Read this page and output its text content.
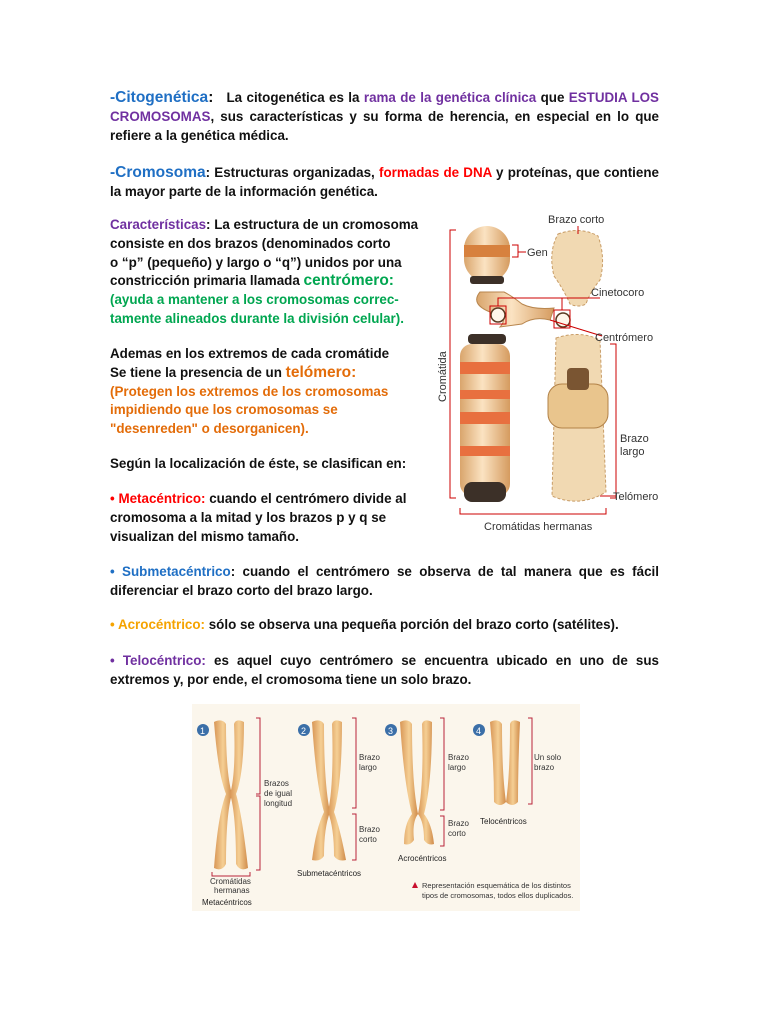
-Citogenética: La citogenética es la rama de la genética clínica que ESTUDIA LOS CROMOSOMAS, sus características y su forma de herencia, en especial en lo que refiere a la genética médica.

-Cromosoma: Estructuras organizadas, formadas de DNA y proteínas, que contiene la mayor parte de la información genética.

Características: La estructura de un cromosoma
consiste en dos brazos (denominados corto
o “p” (pequeño) y largo o “q”) unidos por una
constricción primaria llamada centrómero:
(ayuda a mantener a los cromosomas correc-
tamente alineados durante la división celular).
Ademas en los extremos de cada cromátide
Se tiene la presencia de un telómero:
(Protegen los extremos de los cromosomas
impidiendo que los cromosomas se
"desenreden" o desorganicen).
Según la localización de éste, se clasifican en:
• Metacéntrico: cuando el centrómero divide al
cromosoma a la mitad y los brazos p y q se
visualizan del mismo tamaño.

• Submetacéntrico: cuando el centrómero se observa de tal manera que es fácil diferenciar el brazo corto del brazo largo.

• Acrocéntrico: sólo se observa una pequeña porción del brazo corto (satélites).

• Telocéntrico: es aquel cuyo centrómero se encuentra ubicado en uno de sus extremos y, por ende, el cromosoma tiene un solo brazo.

Brazo corto
Gen
Cinetocoro
Centrómero
Cromátida
Brazo
largo
Telómero
Cromátidas hermanas
1	2	3	4
Brazos
de igual
longitud
Cromátidas
hermanas
Metacéntricos
Brazo
largo
Brazo
corto
Submetacéntricos
Brazo
largo
Brazo
corto
Acrocéntricos
Un solo
brazo
Telocéntricos
Representación esquemática de los distintos
tipos de cromosomas, todos ellos duplicados.
